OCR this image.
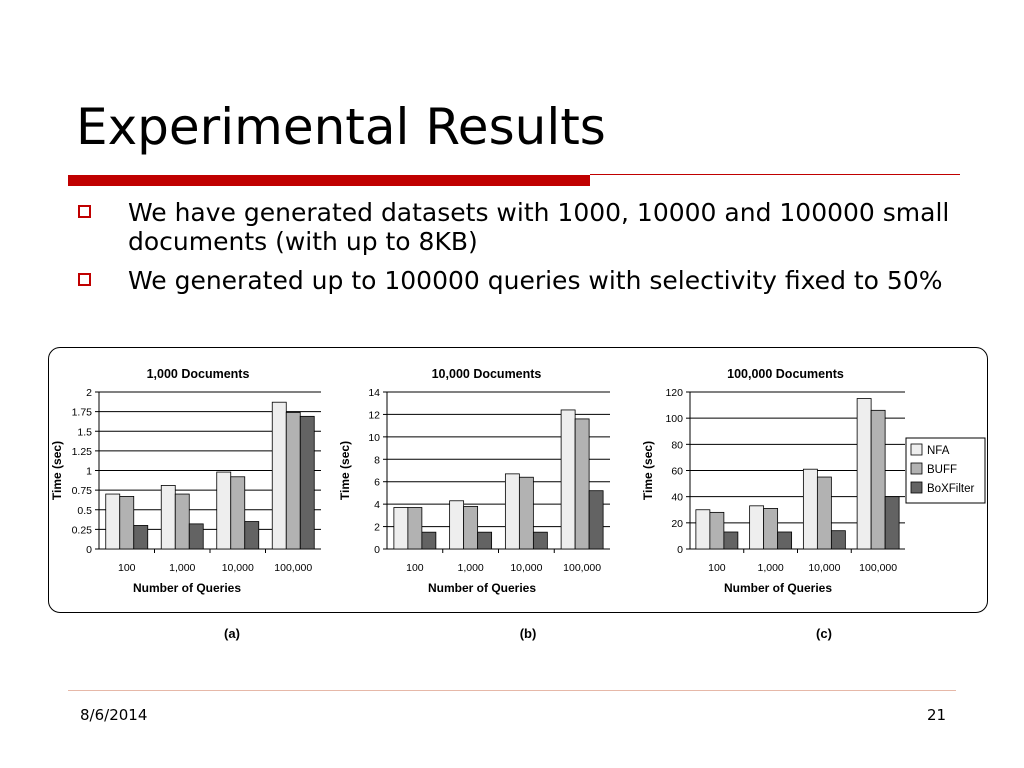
Experimental Results
We have generated datasets with 1000, 10000 and 100000 small documents (with up to 8KB)
We generated up to 100000 queries with selectivity fixed to 50%
1,000 Documents
0
0.25
0.5
0.75
1
1.25
1.5
1.75
2
100	1,000	10,000 100,000
Number of Queries
Time (sec)
(a)
10,000 Documents
0
2
4
6
8
10
12
14
100	1,000	10,000 100,000
Number of Queries
Time (sec)
(b)
100,000 Documents
0
20
40
60
80
100
120
100	1,000 10,000 100,000
Number of Queries
Time (sec)
(c)
NFA
BUFF
BoXFilter
8/6/2014	21
